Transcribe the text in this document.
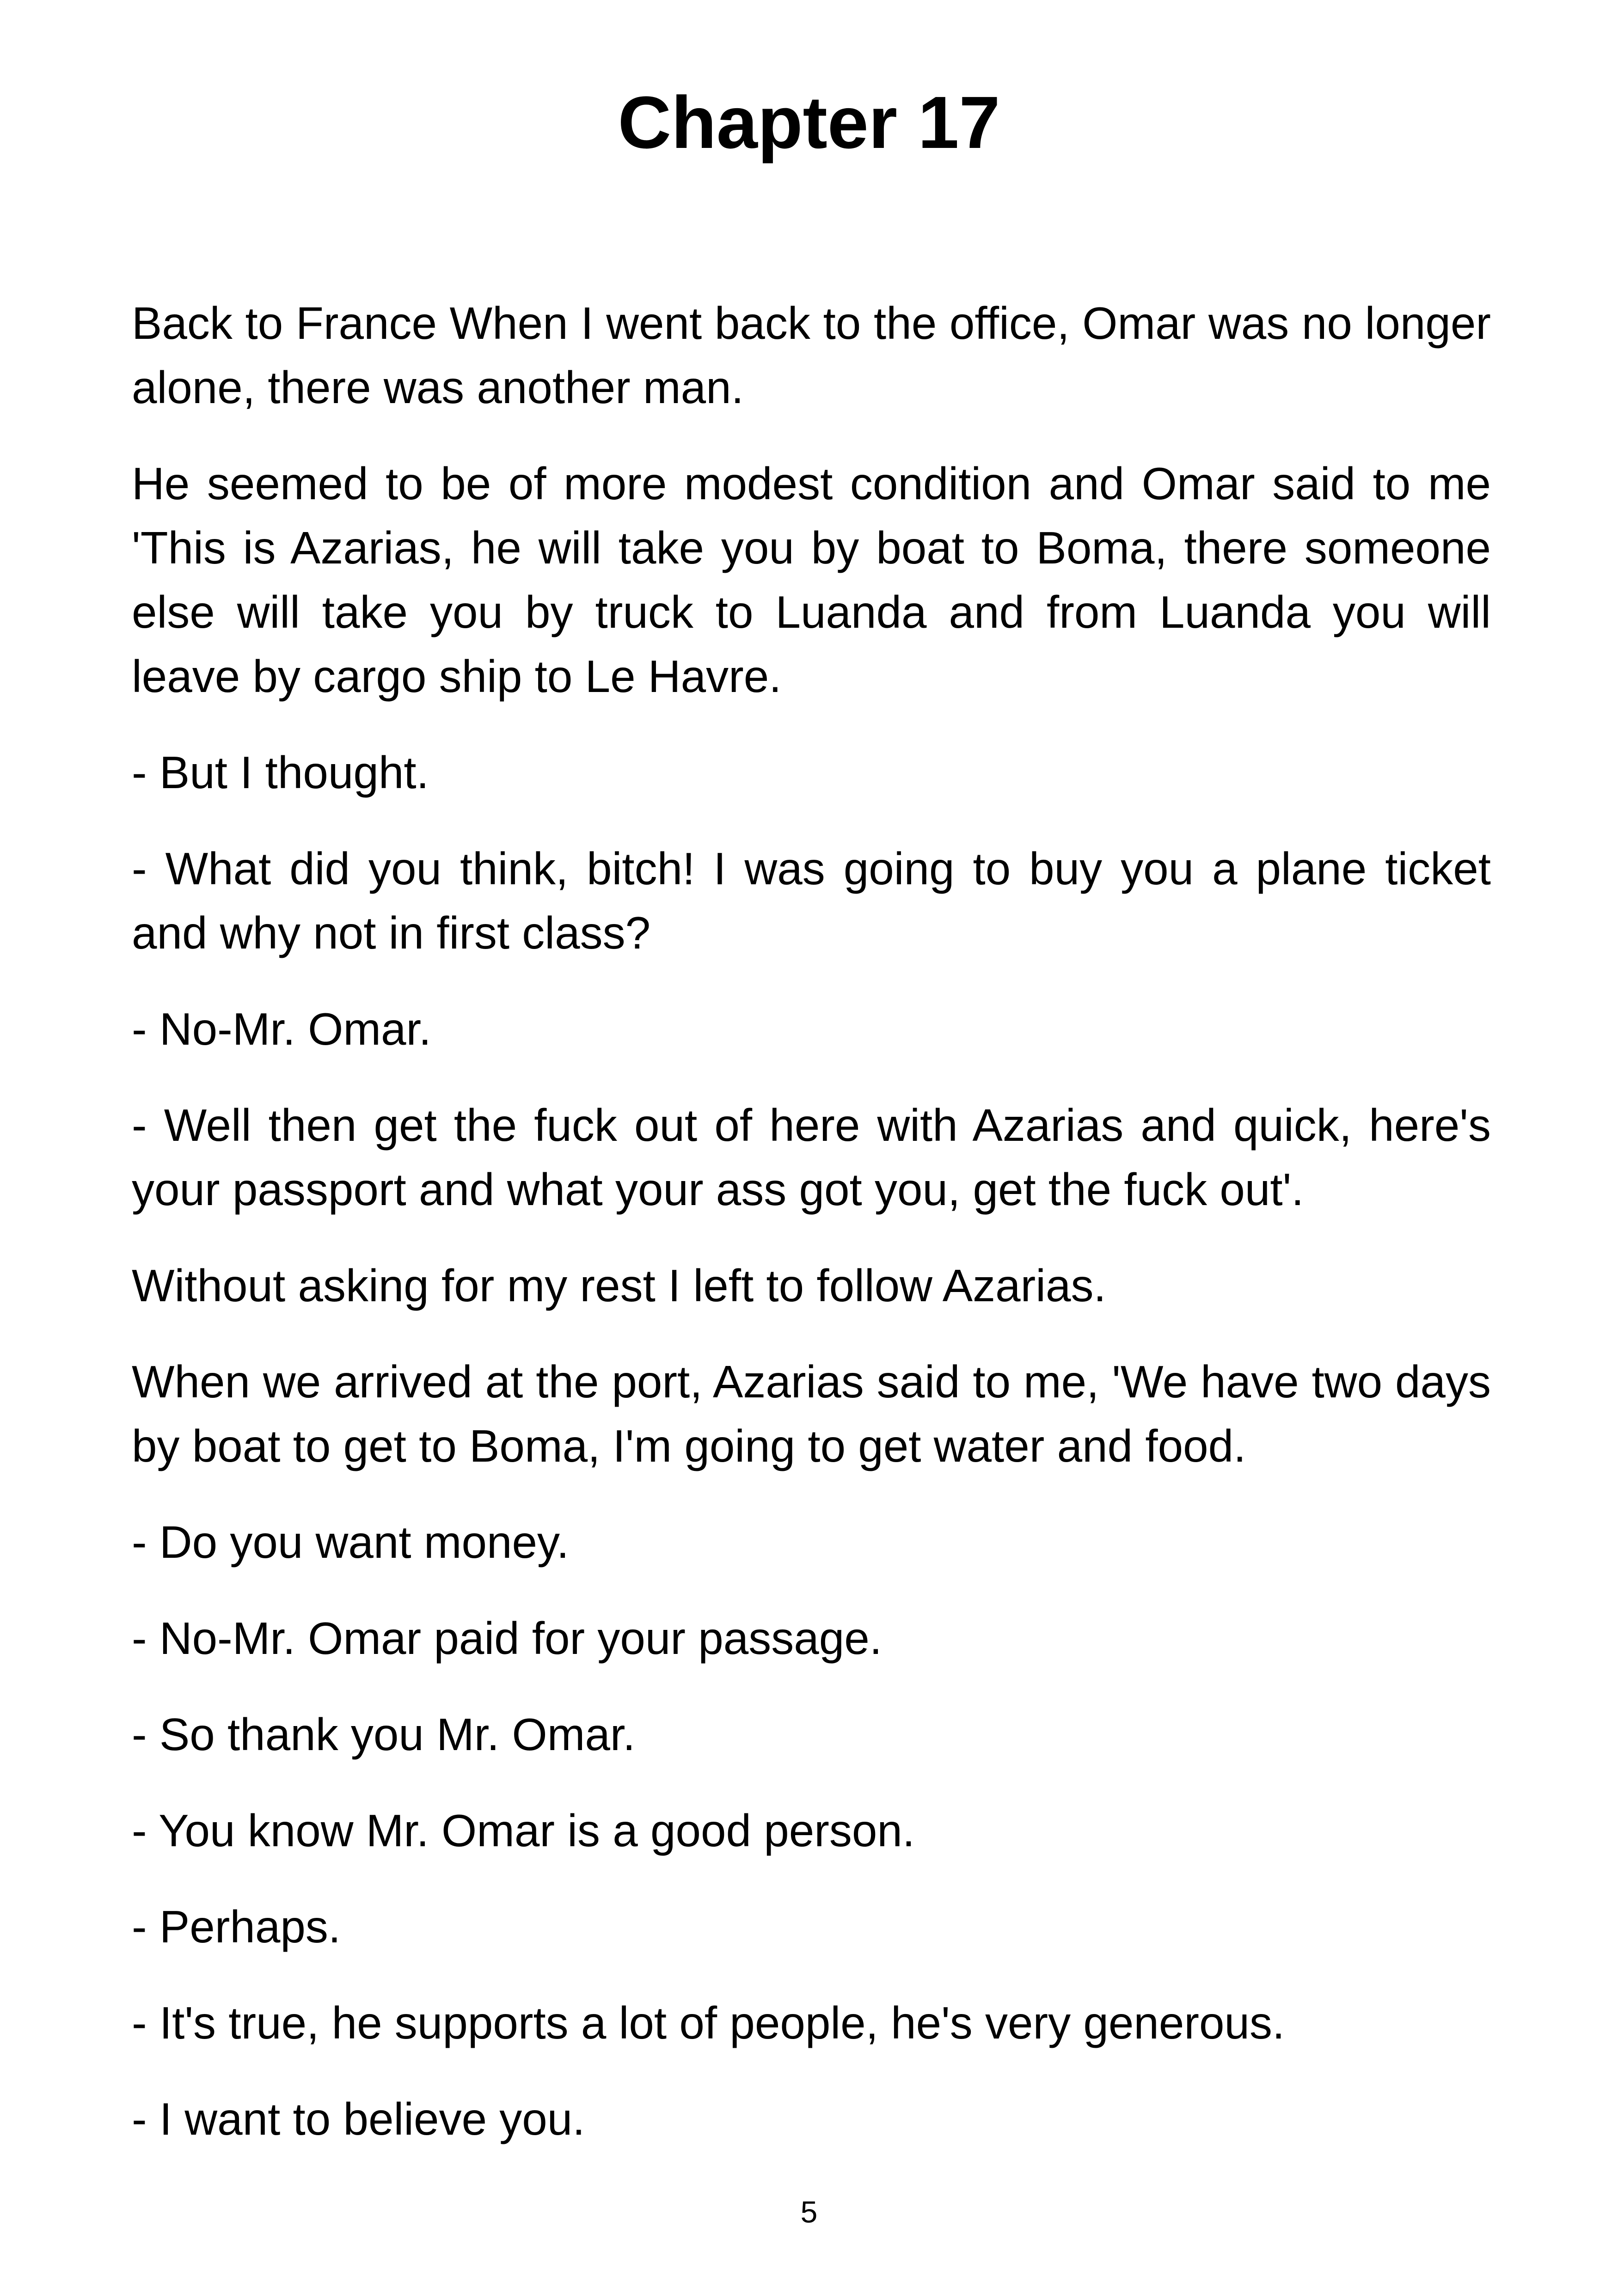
Chapter 17

Back to France When I went back to the office, Omar was no longer alone, there was another man.

He seemed to be of more modest condition and Omar said to me 'This is Azarias, he will take you by boat to Boma, there someone else will take you by truck to Luanda and from Luanda you will leave by cargo ship to Le Havre.

- But I thought.

- What did you think, bitch! I was going to buy you a plane ticket and why not in first class?

- No-Mr. Omar.

- Well then get the fuck out of here with Azarias and quick, here's your passport and what your ass got you, get the fuck out'.

Without asking for my rest I left to follow Azarias.

When we arrived at the port, Azarias said to me, 'We have two days by boat to get to Boma, I'm going to get water and food.

- Do you want money.

- No-Mr. Omar paid for your passage.

- So thank you Mr. Omar.

- You know Mr. Omar is a good person.

- Perhaps.

- It's true, he supports a lot of people, he's very generous.

- I want to believe you.

5
